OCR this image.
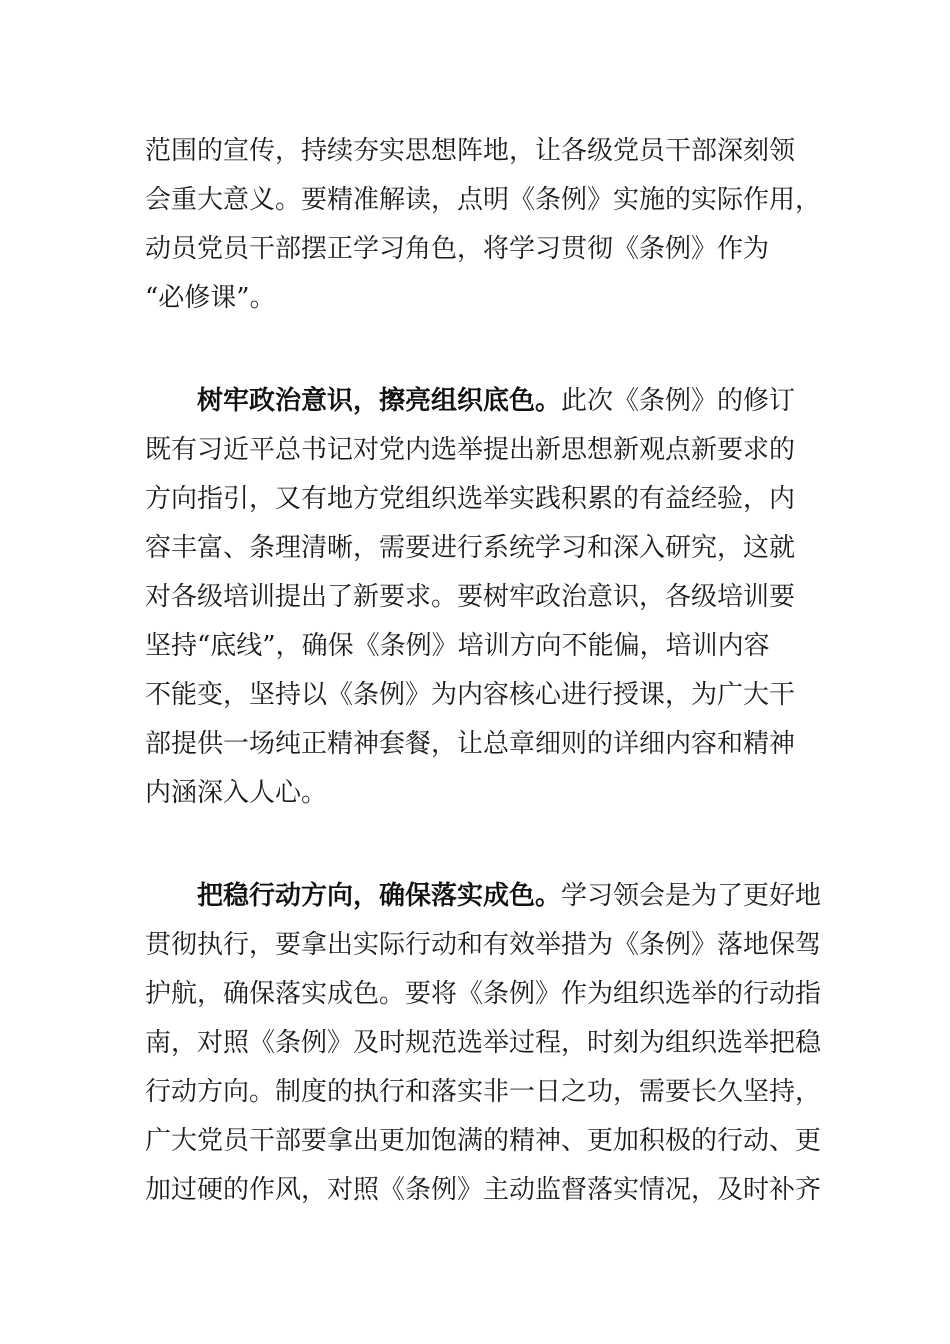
范围的宣传，持续夯实思想阵地，让各级党员干部深刻领
会重大意义。要精准解读，点明《条例》实施的实际作用，
动员党员干部摆正学习角色，将学习贯彻《条例》作为
“必修课”。
树牢政治意识，擦亮组织底色。此次《条例》的修订
既有习近平总书记对党内选举提出新思想新观点新要求的
方向指引，又有地方党组织选举实践积累的有益经验，内
容丰富、条理清晰，需要进行系统学习和深入研究，这就
对各级培训提出了新要求。要树牢政治意识，各级培训要
坚持“底线”，确保《条例》培训方向不能偏，培训内容
不能变，坚持以《条例》为内容核心进行授课，为广大干
部提供一场纯正精神套餐，让总章细则的详细内容和精神
内涵深入人心。
把稳行动方向，确保落实成色。学习领会是为了更好地
贯彻执行，要拿出实际行动和有效举措为《条例》落地保驾
护航，确保落实成色。要将《条例》作为组织选举的行动指
南，对照《条例》及时规范选举过程，时刻为组织选举把稳
行动方向。制度的执行和落实非一日之功，需要长久坚持，
广大党员干部要拿出更加饱满的精神、更加积极的行动、更
加过硬的作风，对照《条例》主动监督落实情况，及时补齐
